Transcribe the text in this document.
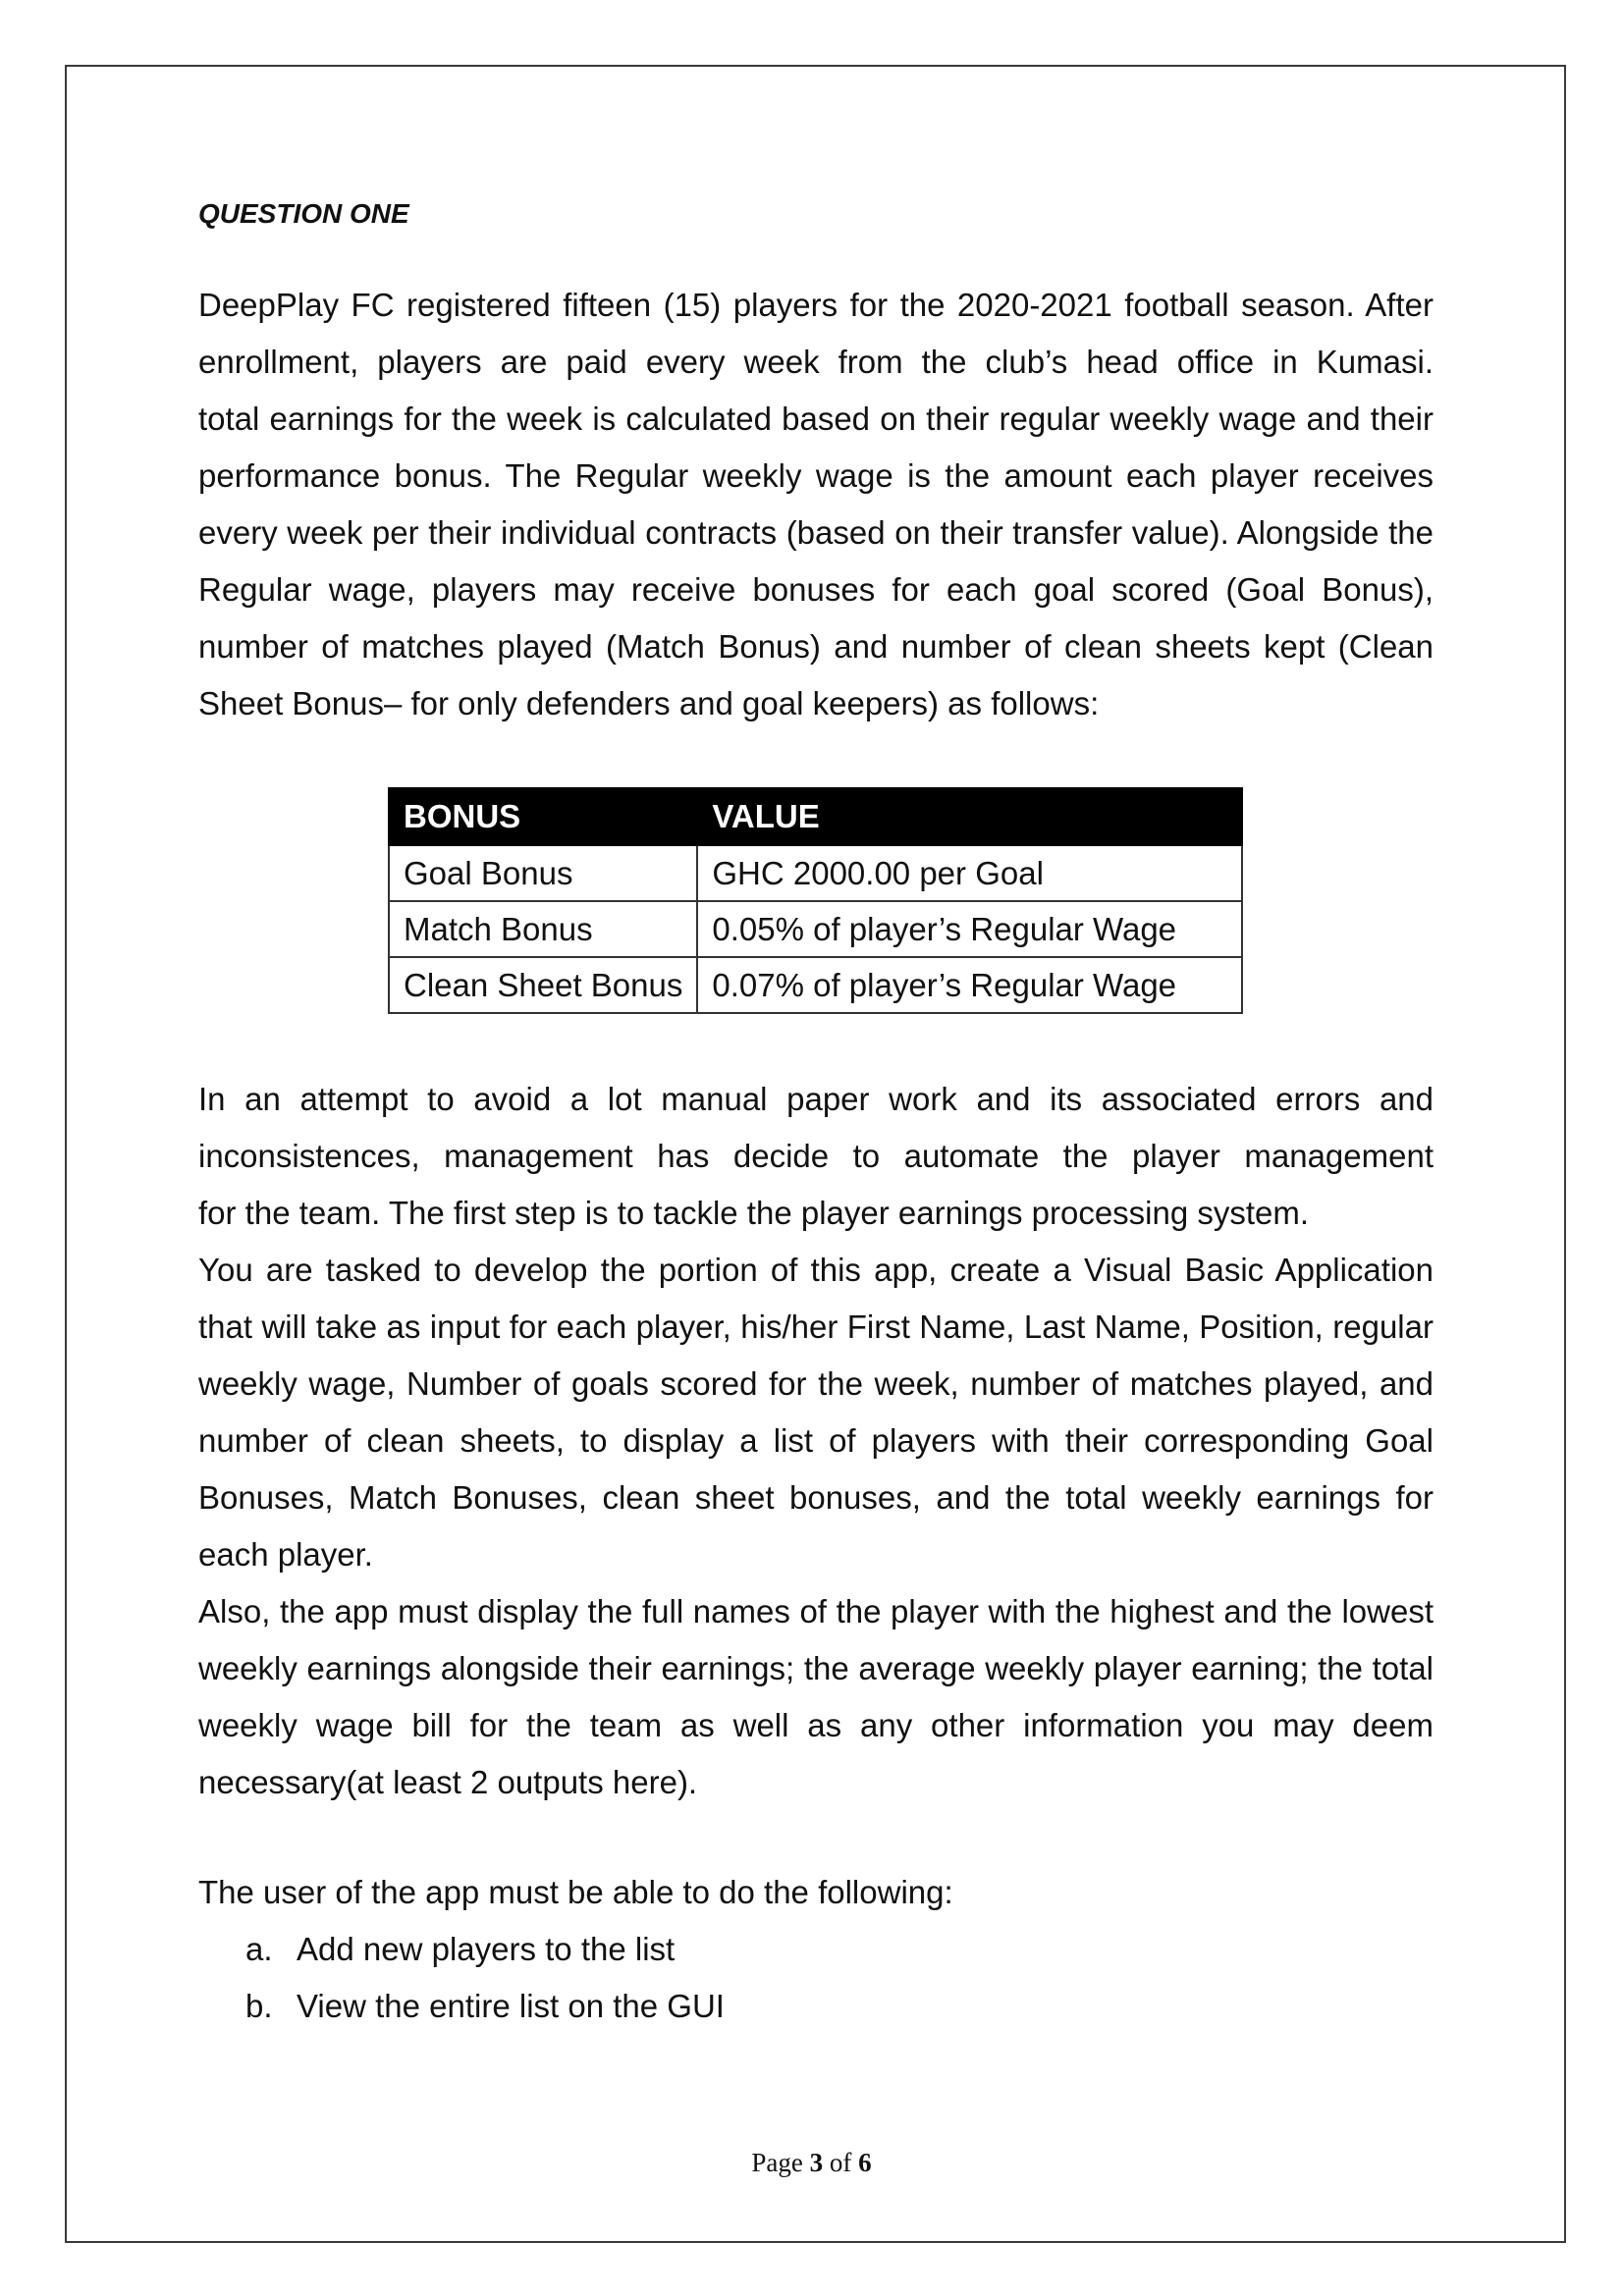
QUESTION ONE
DeepPlay FC registered fifteen (15) players for the 2020-2021 football season. After
enrollment, players are paid every week from the club’s head office in Kumasi.
total earnings for the week is calculated based on their regular weekly wage and their
performance bonus. The Regular weekly wage is the amount each player receives
every week per their individual contracts (based on their transfer value). Alongside the
Regular wage, players may receive bonuses for each goal scored (Goal Bonus),
number of matches played (Match Bonus) and number of clean sheets kept (Clean
Sheet Bonus– for only defenders and goal keepers) as follows:
BONUS	VALUE
Goal Bonus	GHC 2000.00 per Goal
Match Bonus	0.05% of player’s Regular Wage
Clean Sheet Bonus	0.07% of player’s Regular Wage
In an attempt to avoid a lot manual paper work and its associated errors and
inconsistences, management has decide to automate the player management
for the team. The first step is to tackle the player earnings processing system.
You are tasked to develop the portion of this app, create a Visual Basic Application
that will take as input for each player, his/her First Name, Last Name, Position, regular
weekly wage, Number of goals scored for the week, number of matches played, and
number of clean sheets, to display a list of players with their corresponding Goal
Bonuses, Match Bonuses, clean sheet bonuses, and the total weekly earnings for
each player.
Also, the app must display the full names of the player with the highest and the lowest
weekly earnings alongside their earnings; the average weekly player earning; the total
weekly wage bill for the team as well as any other information you may deem
necessary(at least 2 outputs here).
The user of the app must be able to do the following:
a. Add new players to the list
b. View the entire list on the GUI
Page 3 of 6
